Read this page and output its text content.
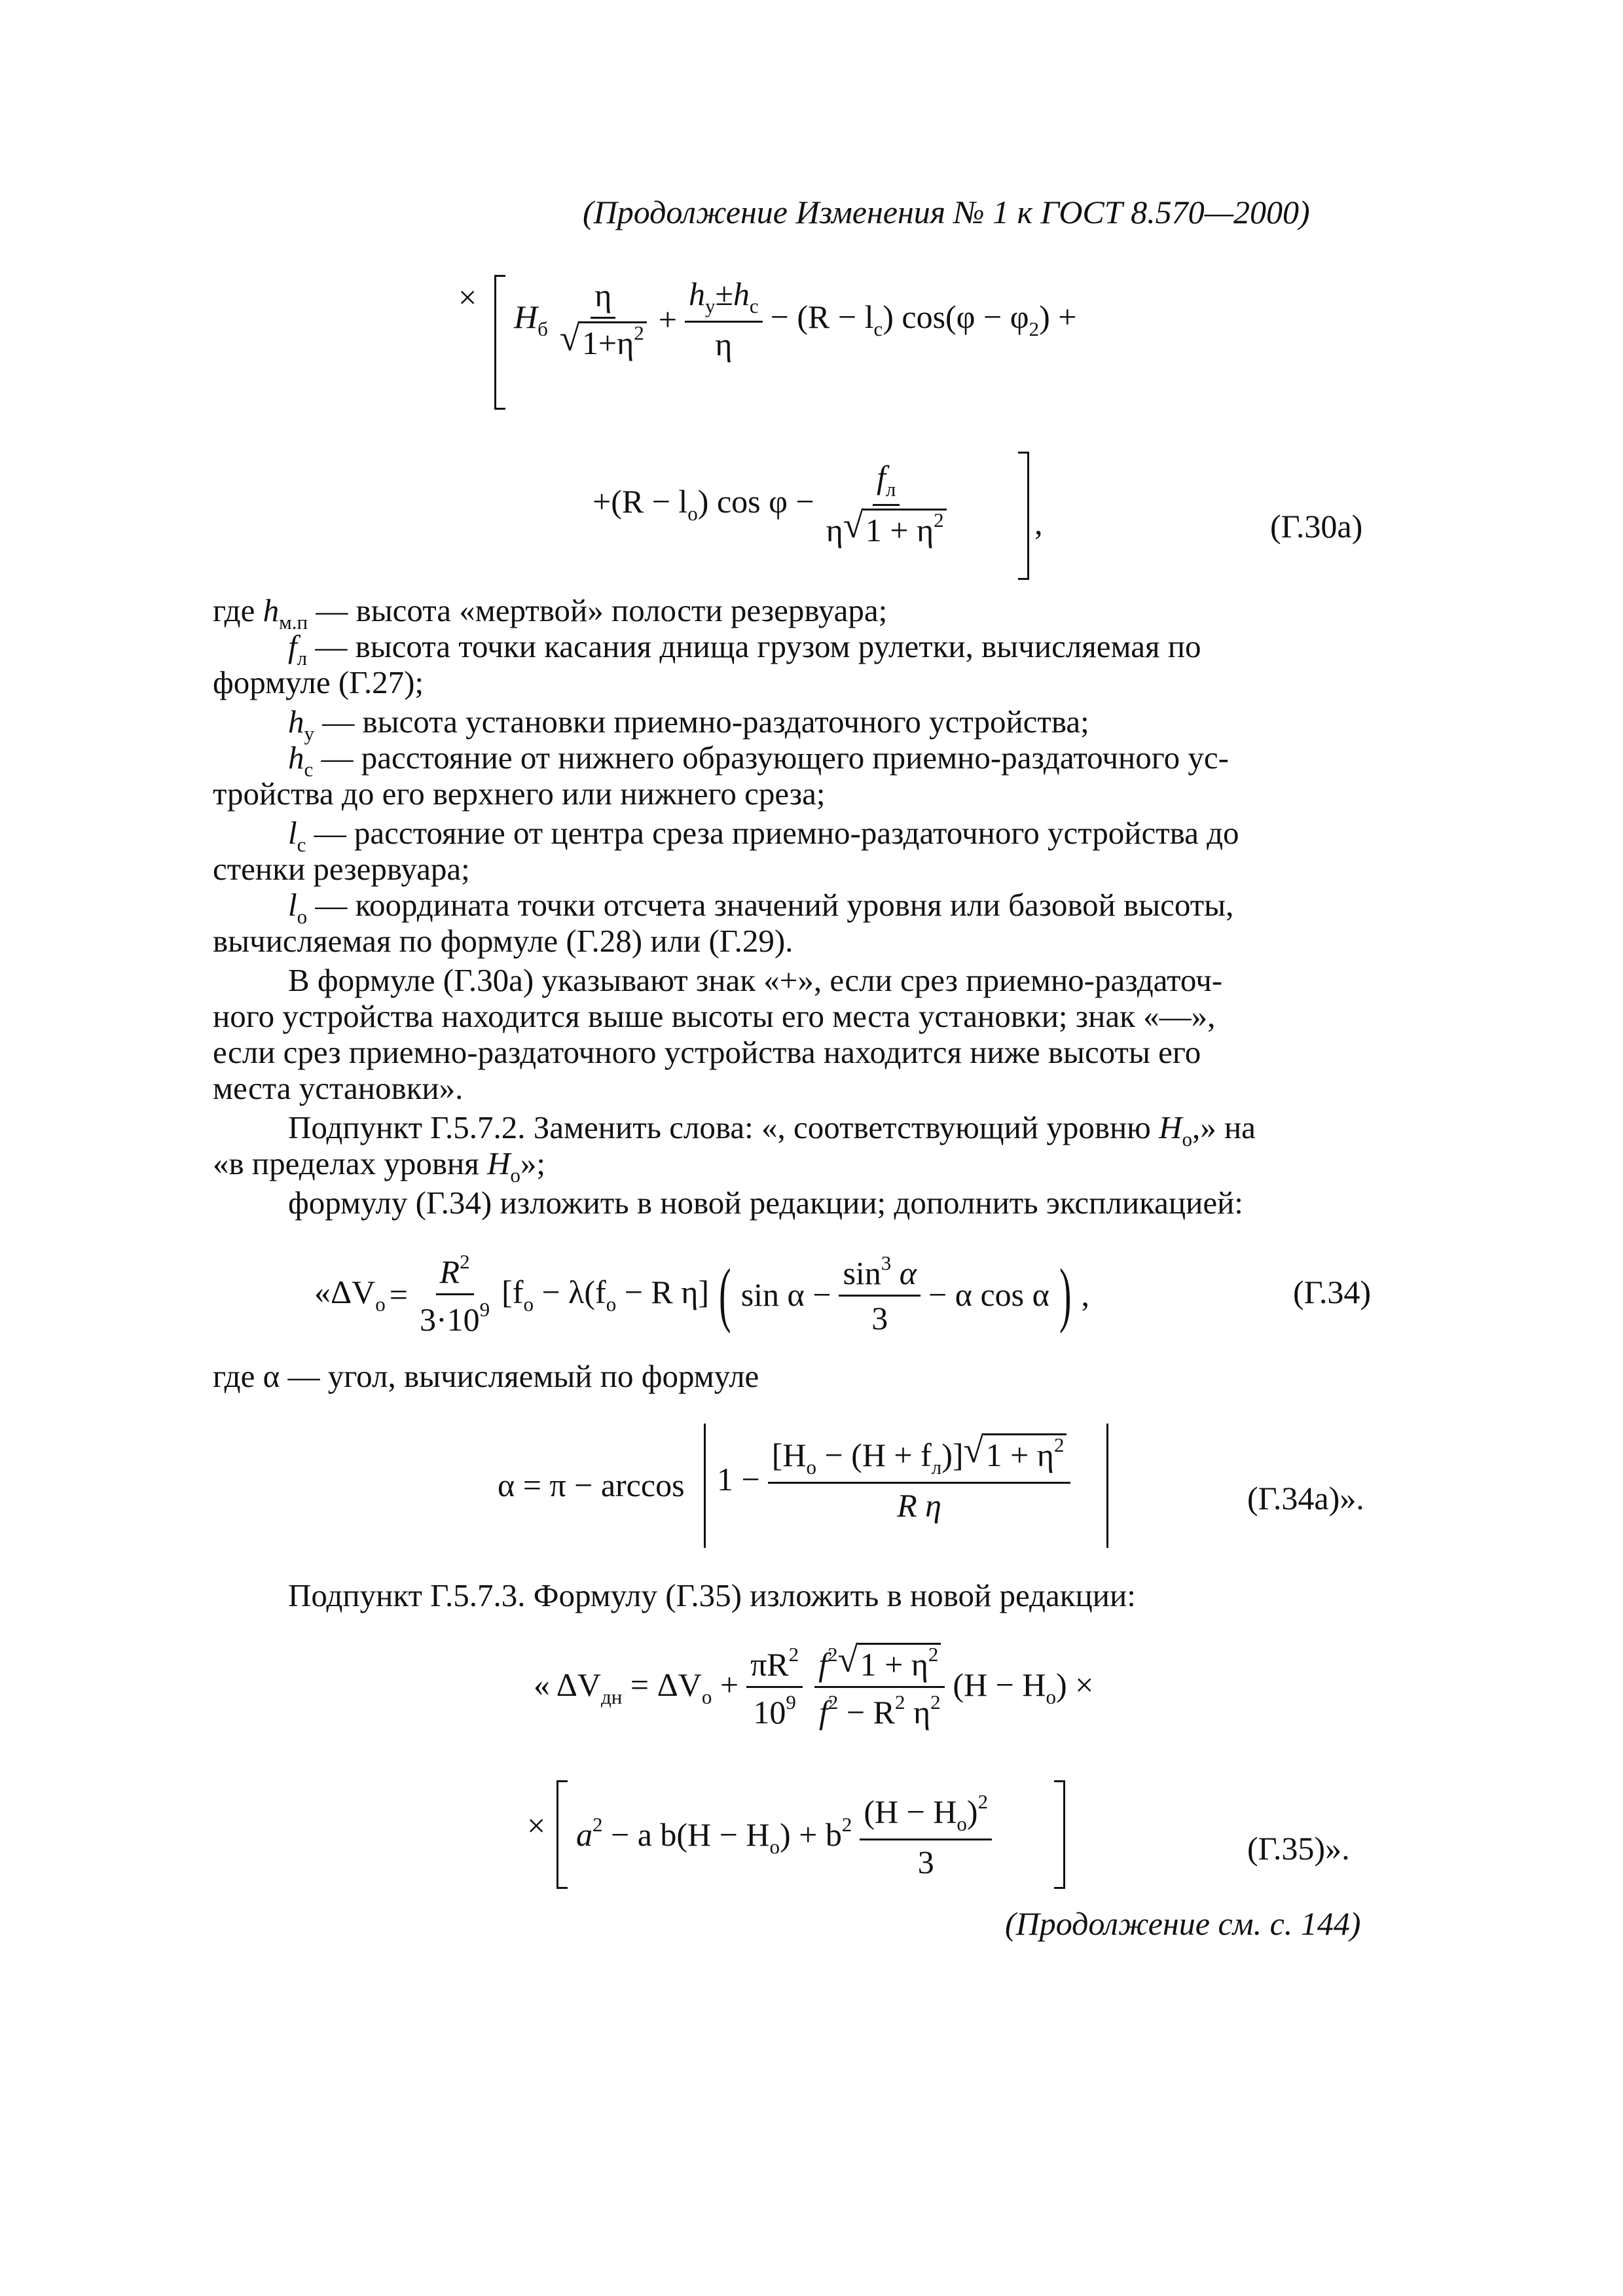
(Продолжение Изменения № 1 к ГОСТ 8.570—2000)
×
$H_б$ η
√ $1+\eta^2 + \frac{h_у\pm h_c}{\eta} - (R - l_c) \cos(\varphi - \varphi_2)$ +
$+(R - l_o)$ $\cos \varphi - \frac{f_л}{\eta √ 1 + \eta^2}$	,	(Г.30а)
где $h_{м.п}$ — высота «мертвой» полости резервуара;
$f_л$ — высота точки касания днища грузом рулетки, вычисляемая по
формуле (Г.27);
$h_у$ — высота установки приемно-раздаточного устройства;
$h_c$ — расстояние от нижнего образующего приемно-раздаточного ус-
тройства до его верхнего или нижнего среза;
$l_c$ — расстояние от центра среза приемно-раздаточного устройства до
стенки резервуара;
$l_o$ — координата точки отсчета значений уровня или базовой высоты,
вычисляемая по формуле (Г.28) или (Г.29).
В формуле (Г.30а) указывают знак «+», если срез приемно-раздаточ-
ного устройства находится выше высоты его места установки; знак «—»,
если срез приемно-раздаточного устройства находится ниже высоты его
места установки».
Подпункт Г.5.7.2. Заменить слова: «, соответствующий уровню $H_o$,» на
«в пределах уровня $H_o$»;
формулу (Г.34) изложить в новой редакции; дополнить экспликацией:
«$\Delta V_o = \frac{R^2}{3\cdot 10^9} [f_o - \lambda(f_o - R$ η] ( $\sin \alpha - \frac{\sin^3 \alpha}{3} - \alpha$ cos α ) ,	(Г.34)
где α — угол, вычисляемый по формуле
$\alpha = \pi - \arccos 1 - \frac{[H_o - (H + f_л)] √ 1 + \eta^2}{\text{R η}}$	(Г.34а)».
Подпункт Г.5.7.3. Формулу (Г.35) изложить в новой редакции:
« $\Delta V_{дн} = \Delta V_o + \frac{\pi R^2}{10^9} \frac{f^2 √ 1 + \eta^2}{f^2 - R^2 \eta^2} (H - H_o)$ ×
× $a^2 - a$ $b(H - H_o) + b^2 \frac{(H - H_o)^2}{3}$	(Г.35)».
(Продолжение см. с. 144)
